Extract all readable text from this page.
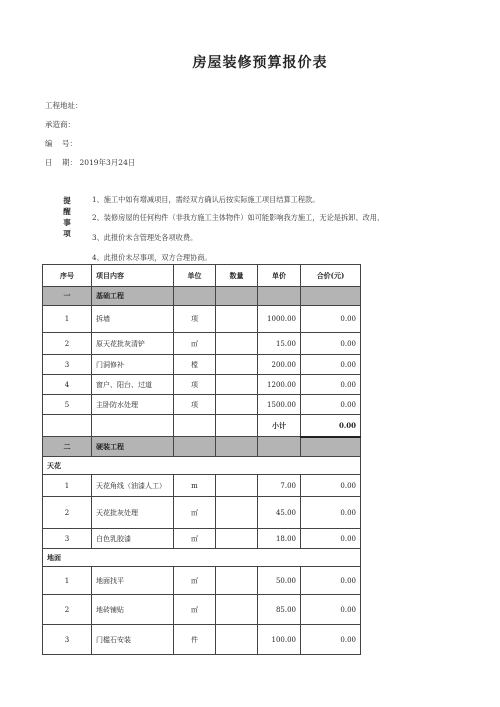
房屋装修预算报价表
工程地址：
承造商：
编    号：
日    期： 2019年3月24日
提
醒
事
项
1、施工中如有增减项目，需经双方确认后按实际施工项目结算工程款。
2、装修房屋的任何构件（非我方施工主体物件）如可能影响我方施工，无论是拆卸、改用、
3、此报价未含管理处各项收费。
4、此报价未尽事项，双方合理协商。
序号	项目内容	单位	数量	单价	合价(元)
一	基础工程				
1	拆墙	项		1000.00	0.00
2	原天花批灰清铲	㎡		15.00	0.00
3	门洞修补	樘		200.00	0.00
4	窗户、阳台、过道	项		1200.00	0.00
5	主卧防水处理	项		1500.00	0.00
				小计	0.00
二	硬装工程				
天花					
1	天花角线（油漆人工）	m		7.00	0.00
2	天花批灰处理	㎡		45.00	0.00
3	白色乳胶漆	㎡		18.00	0.00
地面					
1	地面找平	㎡		50.00	0.00
2	地砖铺贴	㎡		85.00	0.00
3	门槛石安装	件		100.00	0.00
